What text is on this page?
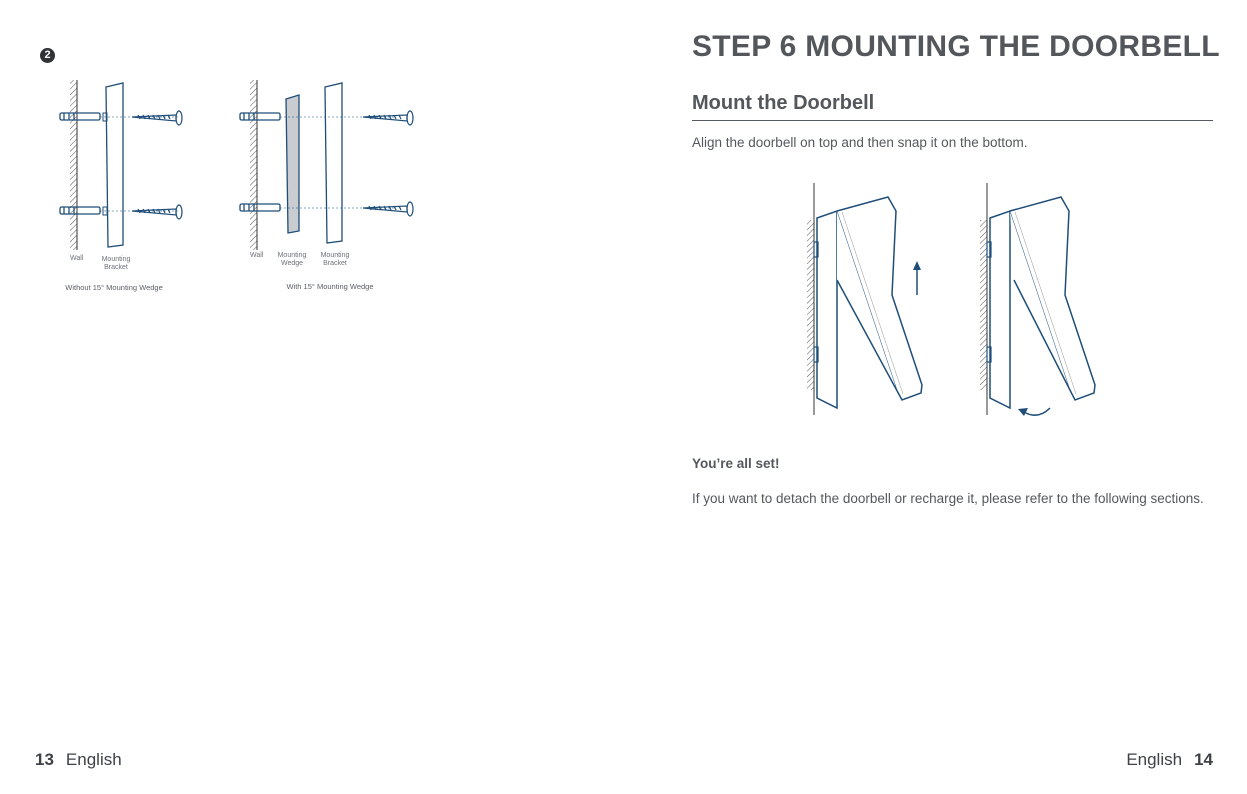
2
Wall	Mounting
Bracket
Without 15° Mounting Wedge
Wall Mounting
Wedge
Mounting
Bracket
With 15° Mounting Wedge
13 English
STEP 6 MOUNTING THE DOORBELL
Mount the Doorbell
Align the doorbell on top and then snap it on the bottom.
You’re all set!
If you want to detach the doorbell or recharge it, please refer to the following sections.
English 14
